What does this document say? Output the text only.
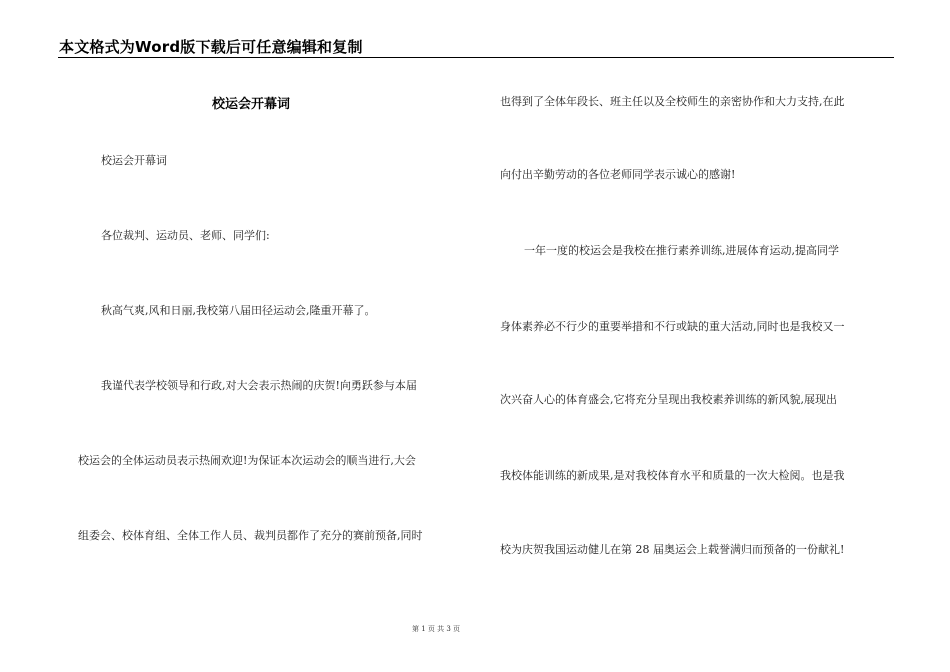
本文格式为Word版下载后可任意编辑和复制
校运会开幕词
校运会开幕词
各位裁判、运动员、老师、同学们:
秋高气爽,风和日丽,我校第八届田径运动会,隆重开幕了。
我谨代表学校领导和行政,对大会表示热闹的庆贺!向勇跃参与本届
校运会的全体运动员表示热闹欢迎!为保证本次运动会的顺当进行,大会
组委会、校体育组、全体工作人员、裁判员都作了充分的赛前预备,同时
也得到了全体年段长、班主任以及全校师生的亲密协作和大力支持,在此
向付出辛勤劳动的各位老师同学表示诚心的感谢!
一年一度的校运会是我校在推行素养训练,进展体育运动,提高同学
身体素养必不行少的重要举措和不行或缺的重大活动,同时也是我校又一
次兴奋人心的体育盛会,它将充分呈现出我校素养训练的新风貌,展现出
我校体能训练的新成果,是对我校体育水平和质量的一次大检阅。也是我
校为庆贺我国运动健儿在第 28 届奥运会上载誉满归而预备的一份献礼!
第 1 页 共 3 页
